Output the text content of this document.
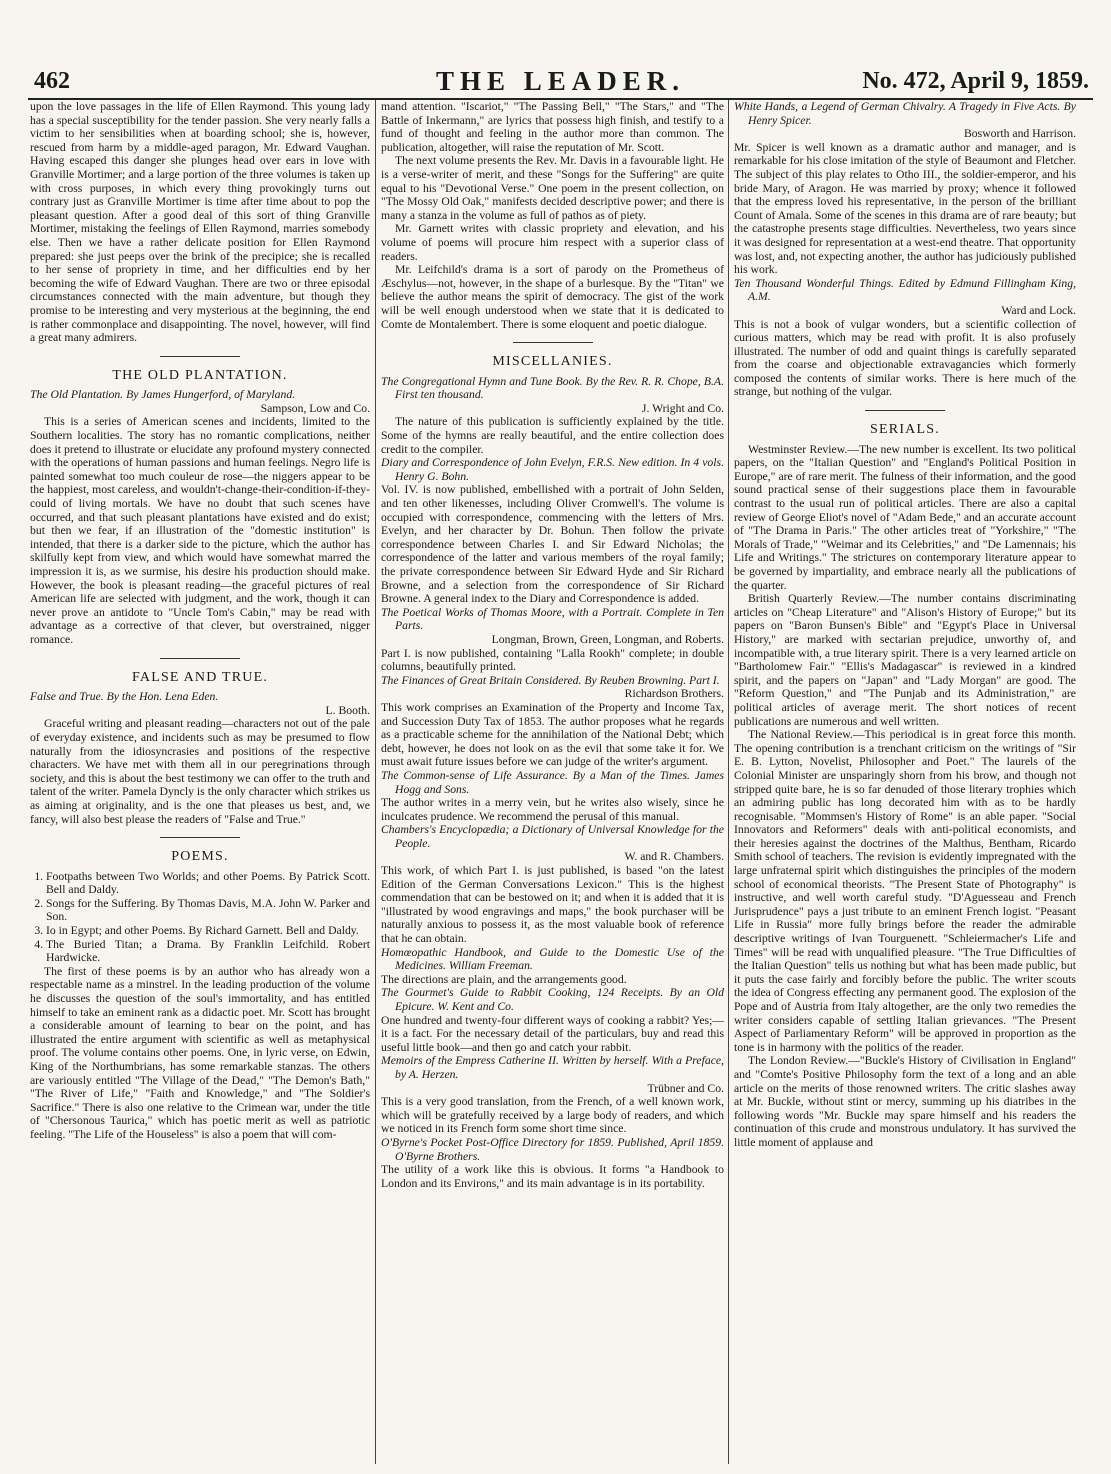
462	THE LEADER.	No. 472, April 9, 1859.

upon the love passages in the life of Ellen Raymond. This young lady has a special susceptibility for the tender passion. She very nearly falls a victim to her sensibilities when at boarding school; she is, however, rescued from harm by a middle-aged paragon, Mr. Edward Vaughan. Having escaped this danger she plunges head over ears in love with Granville Mortimer; and a large portion of the three volumes is taken up with cross purposes, in which every thing provokingly turns out contrary just as Granville Mortimer is time after time about to pop the pleasant question. After a good deal of this sort of thing Granville Mortimer, mistaking the feelings of Ellen Raymond, marries somebody else. Then we have a rather delicate position for Ellen Raymond prepared: she just peeps over the brink of the precipice; she is recalled to her sense of propriety in time, and her difficulties end by her becoming the wife of Edward Vaughan. There are two or three episodal circumstances connected with the main adventure, but though they promise to be interesting and very mysterious at the beginning, the end is rather commonplace and disappointing. The novel, however, will find a great many admirers.

THE OLD PLANTATION.

The Old Plantation. By James Hungerford, of Maryland.

Sampson, Low and Co.

This is a series of American scenes and incidents, limited to the Southern localities. The story has no romantic complications, neither does it pretend to illustrate or elucidate any profound mystery connected with the operations of human passions and human feelings. Negro life is painted somewhat too much couleur de rose—the niggers appear to be the happiest, most careless, and wouldn't-change-their-condition-if-they-could of living mortals. We have no doubt that such scenes have occurred, and that such pleasant plantations have existed and do exist; but then we fear, if an illustration of the "domestic institution" is intended, that there is a darker side to the picture, which the author has skilfully kept from view, and which would have somewhat marred the impression it is, as we surmise, his desire his production should make. However, the book is pleasant reading—the graceful pictures of real American life are selected with judgment, and the work, though it can never prove an antidote to "Uncle Tom's Cabin," may be read with advantage as a corrective of that clever, but overstrained, nigger romance.

FALSE AND TRUE.

False and True. By the Hon. Lena Eden.

L. Booth.

Graceful writing and pleasant reading—characters not out of the pale of everyday existence, and incidents such as may be presumed to flow naturally from the idiosyncrasies and positions of the respective characters. We have met with them all in our peregrinations through society, and this is about the best testimony we can offer to the truth and talent of the writer. Pamela Dyncly is the only character which strikes us as aiming at originality, and is the one that pleases us best, and, we fancy, will also best please the readers of "False and True."

POEMS.
1. Footpaths between Two Worlds; and other Poems. By Patrick Scott. Bell and Daldy.
2. Songs for the Suffering. By Thomas Davis, M.A. John W. Parker and Son.
3. Io in Egypt; and other Poems. By Richard Garnett. Bell and Daldy.
4. The Buried Titan; a Drama. By Franklin Leifchild. Robert Hardwicke.

The first of these poems is by an author who has already won a respectable name as a minstrel. In the leading production of the volume he discusses the question of the soul's immortality, and has entitled himself to take an eminent rank as a didactic poet. Mr. Scott has brought a considerable amount of learning to bear on the point, and has illustrated the entire argument with scientific as well as metaphysical proof. The volume contains other poems. One, in lyric verse, on Edwin, King of the Northumbrians, has some remarkable stanzas. The others are variously entitled "The Village of the Dead," "The Demon's Bath," "The River of Life," "Faith and Knowledge," and "The Soldier's Sacrifice." There is also one relative to the Crimean war, under the title of "Chersonous Taurica," which has poetic merit as well as patriotic feeling. "The Life of the Houseless" is also a poem that will com-

mand attention. "Iscariot," "The Passing Bell," "The Stars," and "The Battle of Inkermann," are lyrics that possess high finish, and testify to a fund of thought and feeling in the author more than common. The publication, altogether, will raise the reputation of Mr. Scott.

The next volume presents the Rev. Mr. Davis in a favourable light. He is a verse-writer of merit, and these "Songs for the Suffering" are quite equal to his "Devotional Verse." One poem in the present collection, on "The Mossy Old Oak," manifests decided descriptive power; and there is many a stanza in the volume as full of pathos as of piety.

Mr. Garnett writes with classic propriety and elevation, and his volume of poems will procure him respect with a superior class of readers.

Mr. Leifchild's drama is a sort of parody on the Prometheus of Æschylus—not, however, in the shape of a burlesque. By the "Titan" we believe the author means the spirit of democracy. The gist of the work will be well enough understood when we state that it is dedicated to Comte de Montalembert. There is some eloquent and poetic dialogue.

MISCELLANIES.

The Congregational Hymn and Tune Book. By the Rev. R. R. Chope, B.A. First ten thousand.

J. Wright and Co.

The nature of this publication is sufficiently explained by the title. Some of the hymns are really beautiful, and the entire collection does credit to the compiler.

Diary and Correspondence of John Evelyn, F.R.S. New edition. In 4 vols. Henry G. Bohn.

Vol. IV. is now published, embellished with a portrait of John Selden, and ten other likenesses, including Oliver Cromwell's. The volume is occupied with correspondence, commencing with the letters of Mrs. Evelyn, and her character by Dr. Bohun. Then follow the private correspondence between Charles I. and Sir Edward Nicholas; the correspondence of the latter and various members of the royal family; the private correspondence between Sir Edward Hyde and Sir Richard Browne, and a selection from the correspondence of Sir Richard Browne. A general index to the Diary and Correspondence is added.

The Poetical Works of Thomas Moore, with a Portrait. Complete in Ten Parts.

Longman, Brown, Green, Longman, and Roberts.

Part I. is now published, containing "Lalla Rookh" complete; in double columns, beautifully printed.

The Finances of Great Britain Considered. By Reuben Browning. Part I.

Richardson Brothers.

This work comprises an Examination of the Property and Income Tax, and Succession Duty Tax of 1853. The author proposes what he regards as a practicable scheme for the annihilation of the National Debt; which debt, however, he does not look on as the evil that some take it for. We must await future issues before we can judge of the writer's argument.

The Common-sense of Life Assurance. By a Man of the Times. James Hogg and Sons.

The author writes in a merry vein, but he writes also wisely, since he inculcates prudence. We recommend the perusal of this manual.

Chambers's Encyclopædia; a Dictionary of Universal Knowledge for the People.

W. and R. Chambers.

This work, of which Part I. is just published, is based "on the latest Edition of the German Conversations Lexicon." This is the highest commendation that can be bestowed on it; and when it is added that it is "illustrated by wood engravings and maps," the book purchaser will be naturally anxious to possess it, as the most valuable book of reference that he can obtain.

Homœopathic Handbook, and Guide to the Domestic Use of the Medicines. William Freeman.

The directions are plain, and the arrangements good.

The Gourmet's Guide to Rabbit Cooking, 124 Receipts. By an Old Epicure. W. Kent and Co.

One hundred and twenty-four different ways of cooking a rabbit? Yes;—it is a fact. For the necessary detail of the particulars, buy and read this useful little book—and then go and catch your rabbit.

Memoirs of the Empress Catherine II. Written by herself. With a Preface, by A. Herzen.

Trübner and Co.

This is a very good translation, from the French, of a well known work, which will be gratefully received by a large body of readers, and which we noticed in its French form some short time since.

O'Byrne's Pocket Post-Office Directory for 1859. Published, April 1859. O'Byrne Brothers.

The utility of a work like this is obvious. It forms "a Handbook to London and its Environs," and its main advantage is in its portability.

White Hands, a Legend of German Chivalry. A Tragedy in Five Acts. By Henry Spicer.

Bosworth and Harrison.

Mr. Spicer is well known as a dramatic author and manager, and is remarkable for his close imitation of the style of Beaumont and Fletcher. The subject of this play relates to Otho III., the soldier-emperor, and his bride Mary, of Aragon. He was married by proxy; whence it followed that the empress loved his representative, in the person of the brilliant Count of Amala. Some of the scenes in this drama are of rare beauty; but the catastrophe presents stage difficulties. Nevertheless, two years since it was designed for representation at a west-end theatre. That opportunity was lost, and, not expecting another, the author has judiciously published his work.

Ten Thousand Wonderful Things. Edited by Edmund Fillingham King, A.M.

Ward and Lock.

This is not a book of vulgar wonders, but a scientific collection of curious matters, which may be read with profit. It is also profusely illustrated. The number of odd and quaint things is carefully separated from the coarse and objectionable extravagancies which formerly composed the contents of similar works. There is here much of the strange, but nothing of the vulgar.

SERIALS.

Westminster Review.—The new number is excellent. Its two political papers, on the "Italian Question" and "England's Political Position in Europe," are of rare merit. The fulness of their information, and the good sound practical sense of their suggestions place them in favourable contrast to the usual run of political articles. There are also a capital review of George Eliot's novel of "Adam Bede," and an accurate account of "The Drama in Paris." The other articles treat of "Yorkshire," "The Morals of Trade," "Weimar and its Celebrities," and "De Lamennais; his Life and Writings." The strictures on contemporary literature appear to be governed by impartiality, and embrace nearly all the publications of the quarter.

British Quarterly Review.—The number contains discriminating articles on "Cheap Literature" and "Alison's History of Europe;" but its papers on "Baron Bunsen's Bible" and "Egypt's Place in Universal History," are marked with sectarian prejudice, unworthy of, and incompatible with, a true literary spirit. There is a very learned article on "Bartholomew Fair." "Ellis's Madagascar" is reviewed in a kindred spirit, and the papers on "Japan" and "Lady Morgan" are good. The "Reform Question," and "The Punjab and its Administration," are political articles of average merit. The short notices of recent publications are numerous and well written.

The National Review.—This periodical is in great force this month. The opening contribution is a trenchant criticism on the writings of "Sir E. B. Lytton, Novelist, Philosopher and Poet." The laurels of the Colonial Minister are unsparingly shorn from his brow, and though not stripped quite bare, he is so far denuded of those literary trophies which an admiring public has long decorated him with as to be hardly recognisable. "Mommsen's History of Rome" is an able paper. "Social Innovators and Reformers" deals with anti-political economists, and their heresies against the doctrines of the Malthus, Bentham, Ricardo Smith school of teachers. The revision is evidently impregnated with the large unfraternal spirit which distinguishes the principles of the modern school of economical theorists. "The Present State of Photography" is instructive, and well worth careful study. "D'Aguesseau and French Jurisprudence" pays a just tribute to an eminent French logist. "Peasant Life in Russia" more fully brings before the reader the admirable descriptive writings of Ivan Tourguenett. "Schleiermacher's Life and Times" will be read with unqualified pleasure. "The True Difficulties of the Italian Question" tells us nothing but what has been made public, but it puts the case fairly and forcibly before the public. The writer scouts the idea of Congress effecting any permanent good. The explosion of the Pope and of Austria from Italy altogether, are the only two remedies the writer considers capable of settling Italian grievances. "The Present Aspect of Parliamentary Reform" will be approved in proportion as the tone is in harmony with the politics of the reader.

The London Review.—"Buckle's History of Civilisation in England" and "Comte's Positive Philosophy form the text of a long and an able article on the merits of those renowned writers. The critic slashes away at Mr. Buckle, without stint or mercy, summing up his diatribes in the following words "Mr. Buckle may spare himself and his readers the continuation of this crude and monstrous undulatory. It has survived the little moment of applause and
